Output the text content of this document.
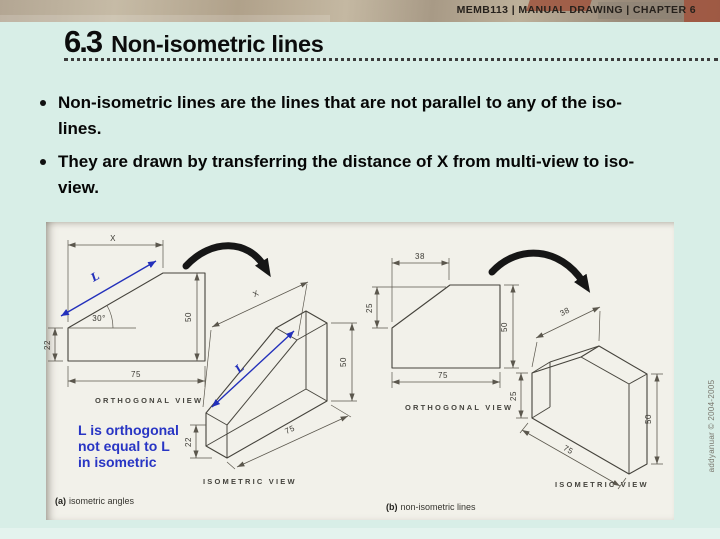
MEMB113 | MANUAL DRAWING | CHAPTER 6
6.3 Non-isometric lines
Non-isometric lines are the lines that are not parallel to any of the iso-lines.
They are drawn by transferring the distance of X from multi-view to iso-view.
X
L
30°	50
22
75
ORTHOGONAL VIEW
X
L	50
22
75
ISOMETRIC VIEW
38
25
50
75
ORTHOGONAL VIEW
38
50
25
75
ISOMETRIC VIEW
L is orthogonal
not equal to L
in isometric
(a) isometric angles
(b) non-isometric lines
addyanuar © 2004-2005
